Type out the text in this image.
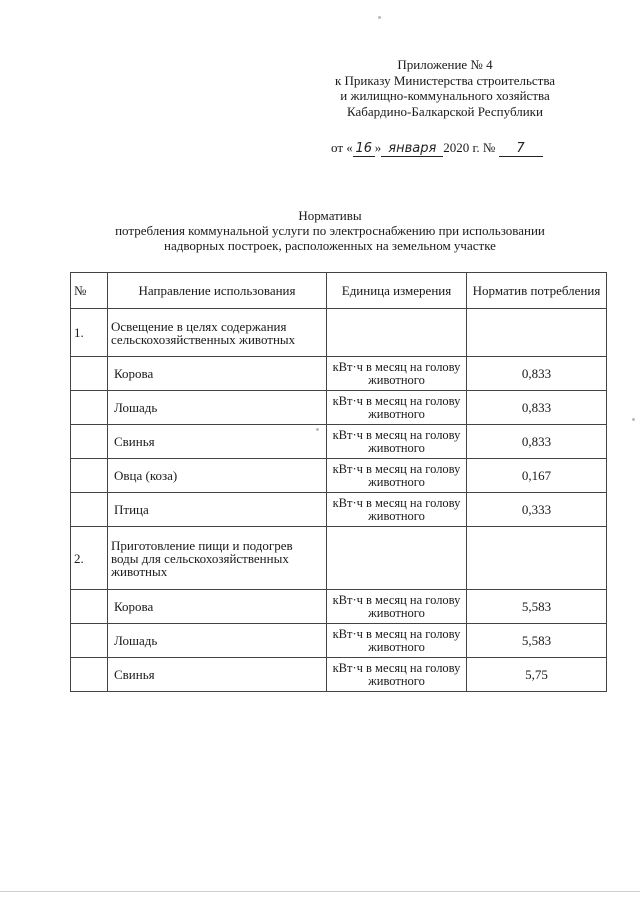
Приложение № 4
к Приказу Министерства строительства
и жилищно-коммунального хозяйства
Кабардино-Балкарской Республики
от « 16 » января 2020 г. № 7
Нормативы
потребления коммунальной услуги по электроснабжению при использовании
надворных построек, расположенных на земельном участке
№	Направление использования	Единица измерения	Норматив потребления
1.	Освещение в целях содержания сельскохозяйственных животных		
	Корова	кВт·ч в месяц на голову животного	0,833
	Лошадь	кВт·ч в месяц на голову животного	0,833
	Свинья	кВт·ч в месяц на голову животного	0,833
	Овца (коза)	кВт·ч в месяц на голову животного	0,167
	Птица	кВт·ч в месяц на голову животного	0,333
2.	Приготовление пищи и подогрев воды для сельскохозяйственных животных		
	Корова	кВт·ч в месяц на голову животного	5,583
	Лошадь	кВт·ч в месяц на голову животного	5,583
	Свинья	кВт·ч в месяц на голову животного	5,75
